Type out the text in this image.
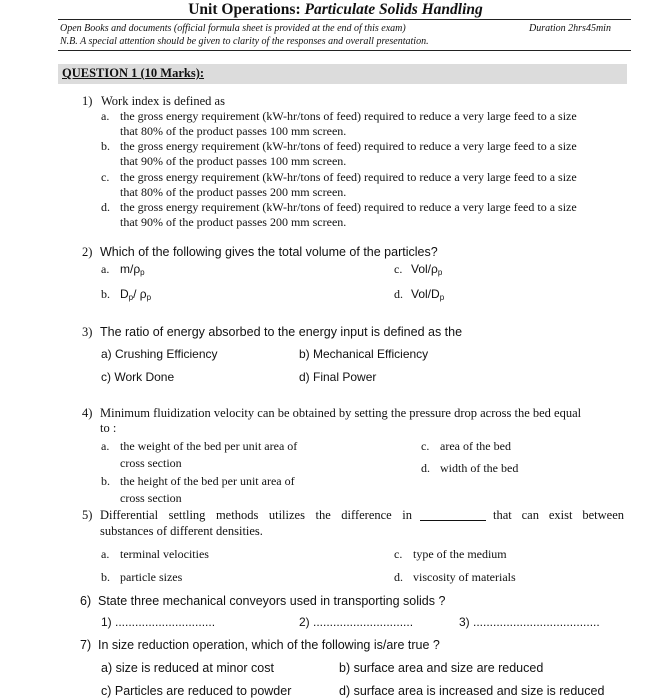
Unit Operations: Particulate Solids Handling
Open Books and documents (official formula sheet is provided at the end of this exam)	Duration 2hrs45min
N.B. A special attention should be given to clarity of the responses and overall presentation.
QUESTION 1 (10 Marks):
1) Work index is defined as
a. the gross energy requirement (kW-hr/tons of feed) required to reduce a very large feed to a size
that 80% of the product passes 100 mm screen.
b. the gross energy requirement (kW-hr/tons of feed) required to reduce a very large feed to a size
that 90% of the product passes 100 mm screen.
c. the gross energy requirement (kW-hr/tons of feed) required to reduce a very large feed to a size
that 80% of the product passes 200 mm screen.
d. the gross energy requirement (kW-hr/tons of feed) required to reduce a very large feed to a size
that 90% of the product passes 200 mm screen.
2) Which of the following gives the total volume of the particles?
a. $m/\rho_p$
b. $D_p/$ $\rho_p$
c. Vol/$\rho_p$
d. Vol/$D_p$
3) The ratio of energy absorbed to the energy input is defined as the
a) Crushing Efficiency	b) Mechanical Efficiency
c) Work Done	d) Final Power
4) Minimum fluidization velocity can be obtained by setting the pressure drop across the bed equal
to :
a. the weight of the bed per unit area of
cross section
b. the height of the bed per unit area of
cross section
c. area of the bed
d. width of the bed
5) Differential settling methods utilizes the difference in	that can exist between
substances of different densities.
a. terminal velocities
b. particle sizes
c. type of the medium
d. viscosity of materials
6) State three mechanical conveyors used in transporting solids ?
1) ..............................	2) ..............................	3) ......................................
7) In size reduction operation, which of the following is/are true ?
a) size is reduced at minor cost	b) surface area and size are reduced
c) Particles are reduced to powder	d) surface area is increased and size is reduced
